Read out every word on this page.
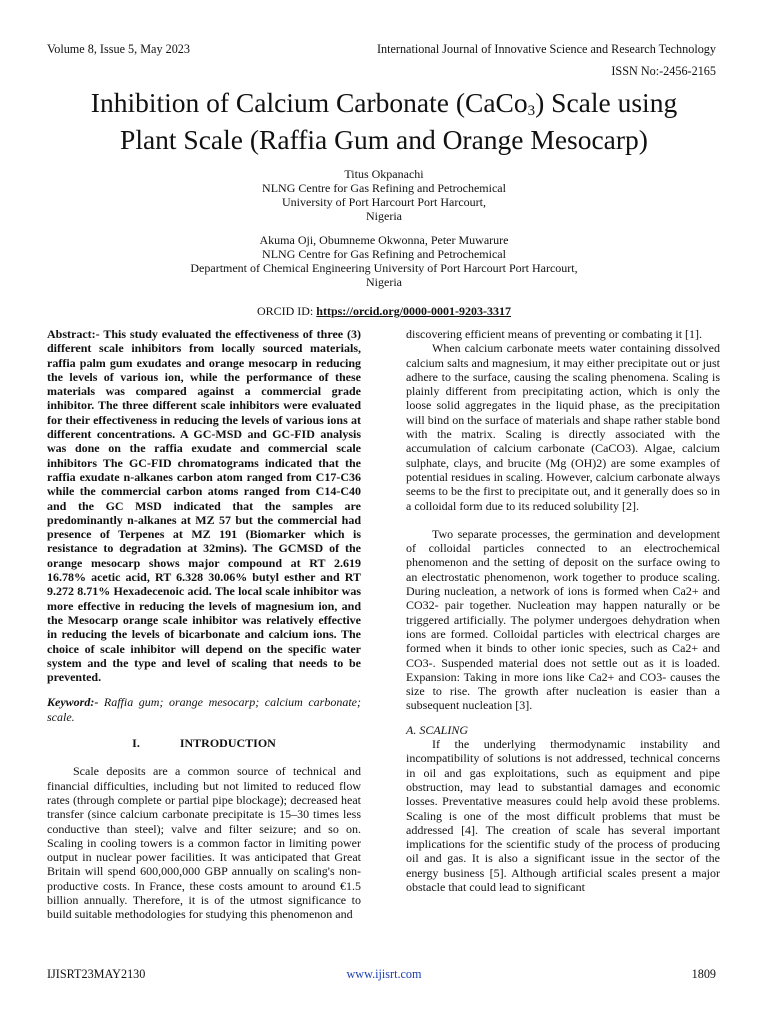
Volume 8, Issue 5, May 2023	International Journal of Innovative Science and Research Technology
ISSN No:-2456-2165
Inhibition of Calcium Carbonate (CaCo$_3$) Scale using
Plant Scale (Raffia Gum and Orange Mesocarp)
Titus Okpanachi
NLNG Centre for Gas Refining and Petrochemical
University of Port Harcourt Port Harcourt,
Nigeria
Akuma Oji, Obumneme Okwonna, Peter Muwarure
NLNG Centre for Gas Refining and Petrochemical
Department of Chemical Engineering University of Port Harcourt Port Harcourt,
Nigeria
ORCID ID: https://orcid.org/0000-0001-9203-3317

Abstract:- This study evaluated the effectiveness of three (3) different scale inhibitors from locally sourced materials, raffia palm gum exudates and orange mesocarp in reducing the levels of various ion, while the performance of these materials was compared against a commercial grade inhibitor. The three different scale inhibitors were evaluated for their effectiveness in reducing the levels of various ions at different concentrations. A GC-MSD and GC-FID analysis was done on the raffia exudate and commercial scale inhibitors The GC-FID chromatograms indicated that the raffia exudate n-alkanes carbon atom ranged from C17-C36 while the commercial carbon atoms ranged from C14-C40 and the GC MSD indicated that the samples are predominantly n-alkanes at MZ 57 but the commercial had presence of Terpenes at MZ 191 (Biomarker which is resistance to degradation at 32mins). The GCMSD of the orange mesocarp shows major compound at RT 2.619 16.78% acetic acid, RT 6.328 30.06% butyl esther and RT 9.272 8.71% Hexadecenoic acid. The local scale inhibitor was more effective in reducing the levels of magnesium ion, and the Mesocarp orange scale inhibitor was relatively effective in reducing the levels of bicarbonate and calcium ions. The choice of scale inhibitor will depend on the specific water system and the type and level of scaling that needs to be prevented.

Keyword:- Raffia gum; orange mesocarp; calcium carbonate; scale.

I.	INTRODUCTION

Scale deposits are a common source of technical and financial difficulties, including but not limited to reduced flow rates (through complete or partial pipe blockage); decreased heat transfer (since calcium carbonate precipitate is 15–30 times less conductive than steel); valve and filter seizure; and so on. Scaling in cooling towers is a common factor in limiting power output in nuclear power facilities. It was anticipated that Great Britain will spend 600,000,000 GBP annually on scaling's non-productive costs. In France, these costs amount to around €1.5 billion annually. Therefore, it is of the utmost significance to build suitable methodologies for studying this phenomenon and

discovering efficient means of preventing or combating it [1].

When calcium carbonate meets water containing dissolved calcium salts and magnesium, it may either precipitate out or just adhere to the surface, causing the scaling phenomena. Scaling is plainly different from precipitating action, which is only the loose solid aggregates in the liquid phase, as the precipitation will bind on the surface of materials and shape rather stable bond with the matrix. Scaling is directly associated with the accumulation of calcium carbonate (CaCO3). Algae, calcium sulphate, clays, and brucite (Mg (OH)2) are some examples of potential residues in scaling. However, calcium carbonate always seems to be the first to precipitate out, and it generally does so in a colloidal form due to its reduced solubility [2].

Two separate processes, the germination and development of colloidal particles connected to an electrochemical phenomenon and the setting of deposit on the surface owing to an electrostatic phenomenon, work together to produce scaling. During nucleation, a network of ions is formed when Ca2+ and CO32- pair together. Nucleation may happen naturally or be triggered artificially. The polymer undergoes dehydration when ions are formed. Colloidal particles with electrical charges are formed when it binds to other ionic species, such as Ca2+ and CO3-. Suspended material does not settle out as it is loaded. Expansion: Taking in more ions like Ca2+ and CO3- causes the size to rise. The growth after nucleation is easier than a subsequent nucleation [3].

A. SCALING

If the underlying thermodynamic instability and incompatibility of solutions is not addressed, technical concerns in oil and gas exploitations, such as equipment and pipe obstruction, may lead to substantial damages and economic losses. Preventative measures could help avoid these problems. Scaling is one of the most difficult problems that must be addressed [4]. The creation of scale has several important implications for the scientific study of the process of producing oil and gas. It is also a significant issue in the sector of the energy business [5]. Although artificial scales present a major obstacle that could lead to significant

IJISRT23MAY2130	www.ijisrt.com	1809
